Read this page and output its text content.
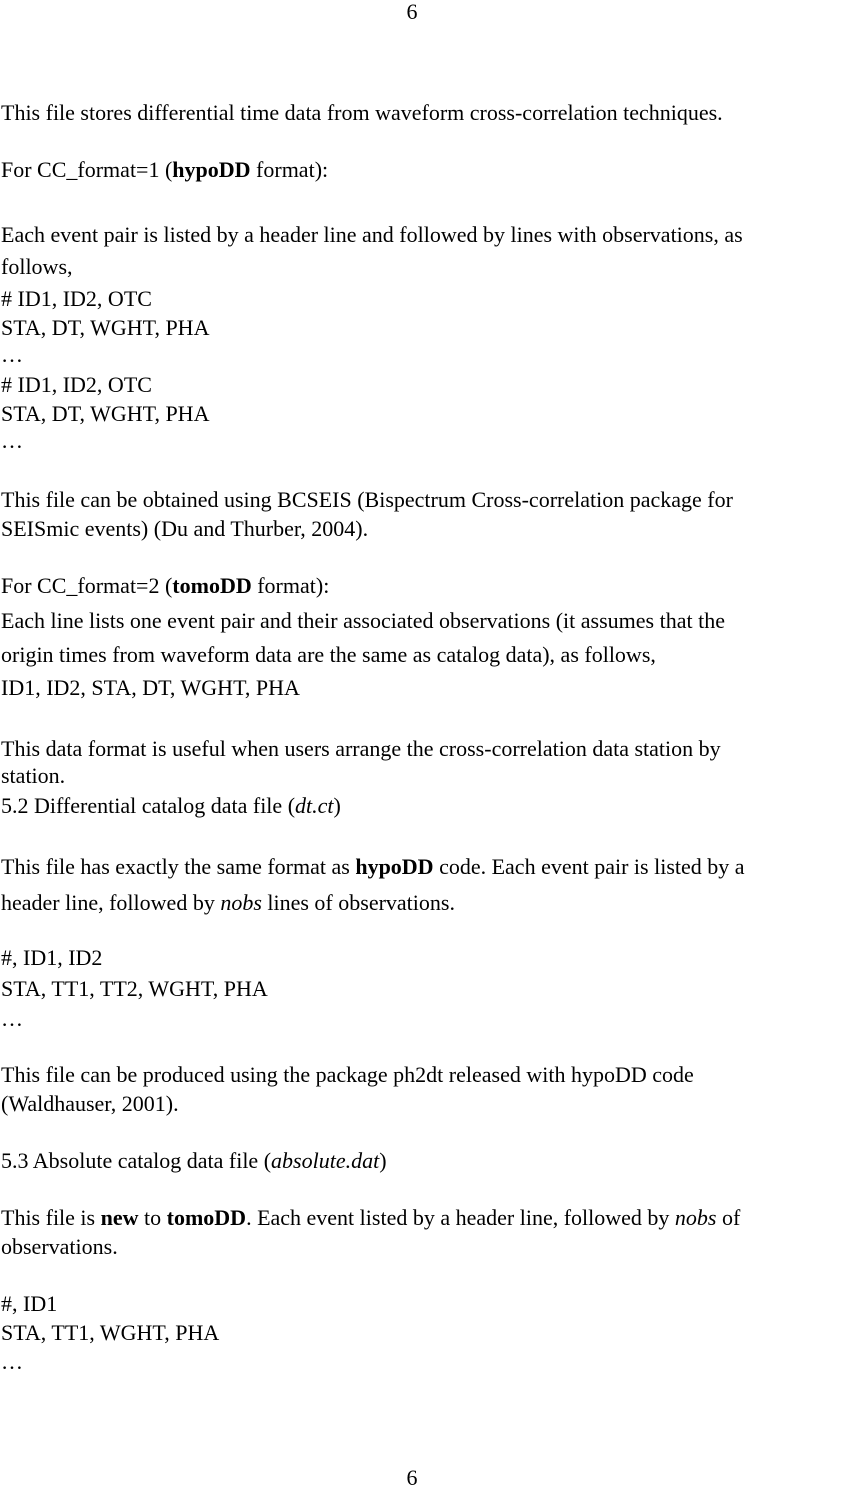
6
This file stores differential time data from waveform cross-correlation techniques.
For CC_format=1 (hypoDD format):
Each event pair is listed by a header line and followed by lines with observations, as
follows,
# ID1, ID2, OTC
STA, DT, WGHT, PHA
…
# ID1, ID2, OTC
STA, DT, WGHT, PHA
…
This file can be obtained using BCSEIS (Bispectrum Cross-correlation package for
SEISmic events) (Du and Thurber, 2004).
For CC_format=2 (tomoDD format):
Each line lists one event pair and their associated observations (it assumes that the
origin times from waveform data are the same as catalog data), as follows,
ID1, ID2, STA, DT, WGHT, PHA
This data format is useful when users arrange the cross-correlation data station by
station.
5.2 Differential catalog data file (dt.ct)
This file has exactly the same format as hypoDD code. Each event pair is listed by a
header line, followed by nobs lines of observations.
#, ID1, ID2
STA, TT1, TT2, WGHT, PHA
…
This file can be produced using the package ph2dt released with hypoDD code
(Waldhauser, 2001).
5.3 Absolute catalog data file (absolute.dat)
This file is new to tomoDD. Each event listed by a header line, followed by nobs of
observations.
#, ID1
STA, TT1, WGHT, PHA
…
6
